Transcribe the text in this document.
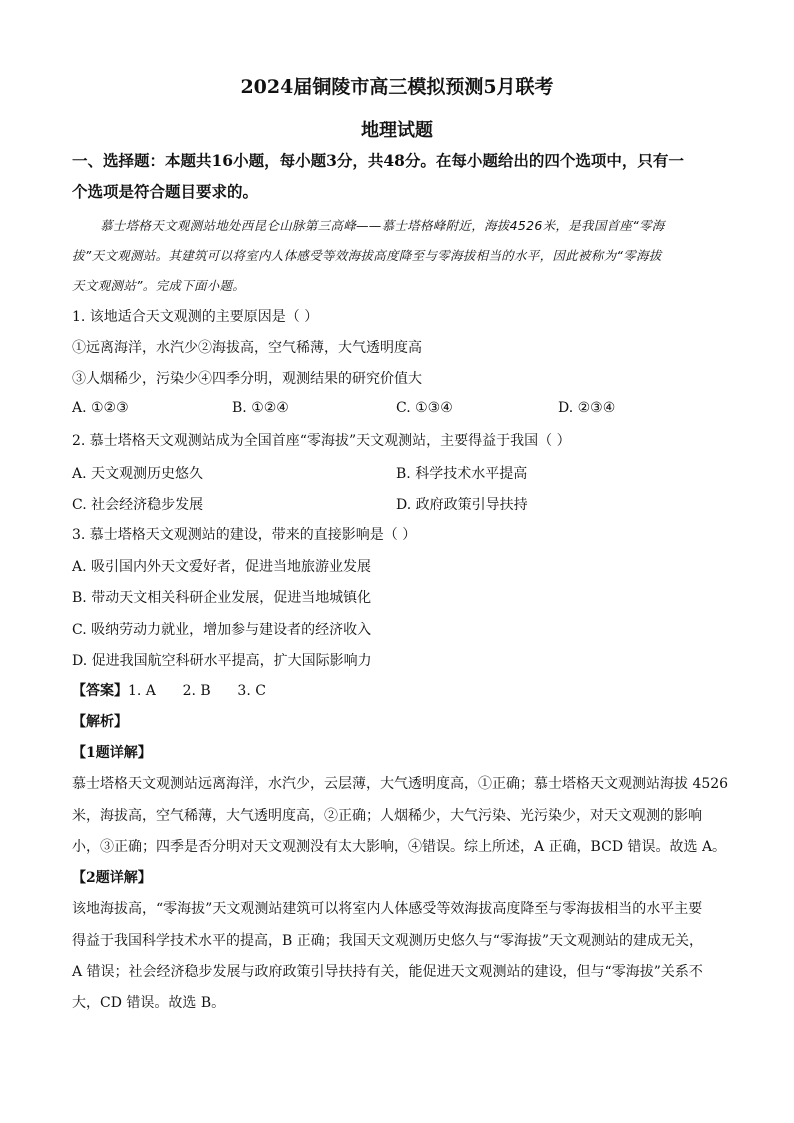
2024届铜陵市高三模拟预测5月联考
地理试题
一、选择题：本题共16小题，每小题3分，共48分。在每小题给出的四个选项中，只有一
个选项是符合题目要求的。
慕士塔格天文观测站地处西昆仑山脉第三高峰——慕士塔格峰附近，海拔4526米，是我国首座“零海
拔”天文观测站。其建筑可以将室内人体感受等效海拔高度降至与零海拔相当的水平，因此被称为“零海拔
天文观测站”。完成下面小题。
1. 该地适合天文观测的主要原因是（ ）
①远离海洋，水汽少②海拔高，空气稀薄，大气透明度高
③人烟稀少，污染少④四季分明，观测结果的研究价值大
A. ①②③	B. ①②④	C. ①③④	D. ②③④
2. 慕士塔格天文观测站成为全国首座“零海拔”天文观测站，主要得益于我国（ ）
A. 天文观测历史悠久	B. 科学技术水平提高
C. 社会经济稳步发展	D. 政府政策引导扶持
3. 慕士塔格天文观测站的建设，带来的直接影响是（ ）
A. 吸引国内外天文爱好者，促进当地旅游业发展
B. 带动天文相关科研企业发展，促进当地城镇化
C. 吸纳劳动力就业，增加参与建设者的经济收入
D. 促进我国航空科研水平提高，扩大国际影响力
【答案】1. A      2. B      3. C
【解析】
【1题详解】
慕士塔格天文观测站远离海洋，水汽少，云层薄，大气透明度高，①正确；慕士塔格天文观测站海拔 4526
米，海拔高，空气稀薄，大气透明度高，②正确；人烟稀少，大气污染、光污染少，对天文观测的影响
小，③正确；四季是否分明对天文观测没有太大影响，④错误。综上所述，A 正确，BCD 错误。故选 A。
【2题详解】
该地海拔高，“零海拔”天文观测站建筑可以将室内人体感受等效海拔高度降至与零海拔相当的水平主要
得益于我国科学技术水平的提高，B 正确；我国天文观测历史悠久与“零海拔”天文观测站的建成无关，
A 错误；社会经济稳步发展与政府政策引导扶持有关，能促进天文观测站的建设，但与“零海拔”关系不
大，CD 错误。故选 B。
